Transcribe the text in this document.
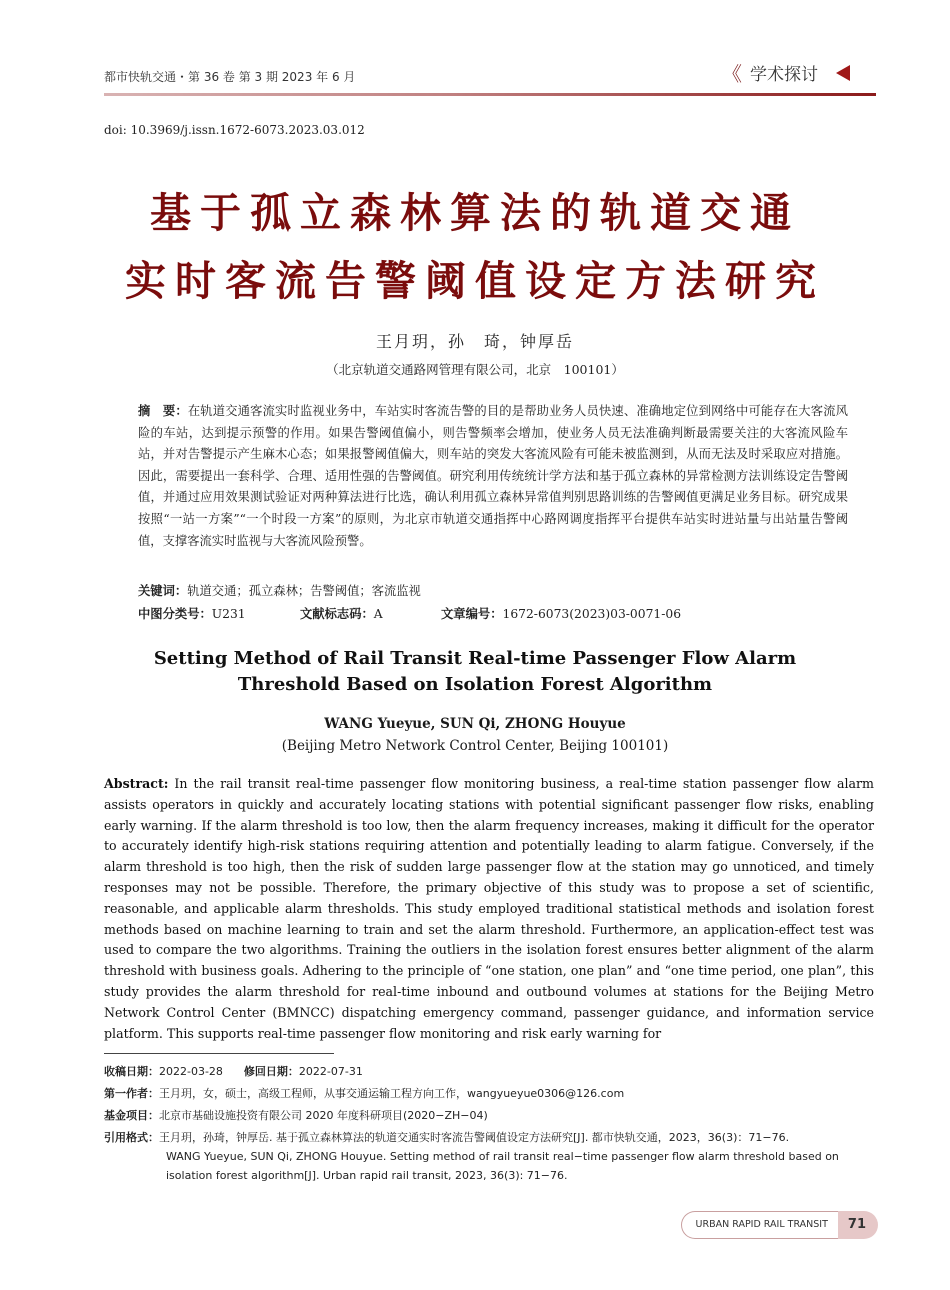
都市快轨交通・第 36 卷 第 3 期 2023 年 6 月	《 学术探讨
doi: 10.3969/j.issn.1672-6073.2023.03.012
基于孤立森林算法的轨道交通
实时客流告警阈值设定方法研究
王月玥，孙　琦，钟厚岳
（北京轨道交通路网管理有限公司，北京　100101）
摘　要：在轨道交通客流实时监视业务中，车站实时客流告警的目的是帮助业务人员快速、准确地定位到网络中可能存在大客流风险的车站，达到提示预警的作用。如果告警阈值偏小，则告警频率会增加，使业务人员无法准确判断最需要关注的大客流风险车站，并对告警提示产生麻木心态；如果报警阈值偏大，则车站的突发大客流风险有可能未被监测到，从而无法及时采取应对措施。因此，需要提出一套科学、合理、适用性强的告警阈值。研究利用传统统计学方法和基于孤立森林的异常检测方法训练设定告警阈值，并通过应用效果测试验证对两种算法进行比选，确认利用孤立森林异常值判别思路训练的告警阈值更满足业务目标。研究成果按照“一站一方案”“一个时段一方案”的原则，为北京市轨道交通指挥中心路网调度指挥平台提供车站实时进站量与出站量告警阈值，支撑客流实时监视与大客流风险预警。
关键词：轨道交通；孤立森林；告警阈值；客流监视
中图分类号：U231	文献标志码：A	文章编号：1672-6073(2023)03-0071-06
Setting Method of Rail Transit Real-time Passenger Flow Alarm
Threshold Based on Isolation Forest Algorithm
WANG Yueyue, SUN Qi, ZHONG Houyue
(Beijing Metro Network Control Center, Beijing 100101)
Abstract: In the rail transit real-time passenger flow monitoring business, a real-time station passenger flow alarm assists operators in quickly and accurately locating stations with potential significant passenger flow risks, enabling early warning. If the alarm threshold is too low, then the alarm frequency increases, making it difficult for the operator to accurately identify high-risk stations requiring attention and potentially leading to alarm fatigue. Conversely, if the alarm threshold is too high, then the risk of sudden large passenger flow at the station may go unnoticed, and timely responses may not be possible. Therefore, the primary objective of this study was to propose a set of scientific, reasonable, and applicable alarm thresholds. This study employed traditional statistical methods and isolation forest methods based on machine learning to train and set the alarm threshold. Furthermore, an application-effect test was used to compare the two algorithms. Training the outliers in the isolation forest ensures better alignment of the alarm threshold with business goals. Adhering to the principle of “one station, one plan” and “one time period, one plan”, this study provides the alarm threshold for real-time inbound and outbound volumes at stations for the Beijing Metro Network Control Center (BMNCC) dispatching emergency command, passenger guidance, and information service platform. This supports real-time passenger flow monitoring and risk early warning for
收稿日期：2022-03-28 修回日期：2022-07-31
第一作者：王月玥，女，硕士，高级工程师，从事交通运输工程方向工作，wangyueyue0306@126.com
基金项目：北京市基础设施投资有限公司 2020 年度科研项目(2020−ZH−04)
引用格式：王月玥，孙琦，钟厚岳. 基于孤立森林算法的轨道交通实时客流告警阈值设定方法研究[J]. 都市快轨交通，2023，36(3)：71−76.
WANG Yueyue, SUN Qi, ZHONG Houyue. Setting method of rail transit real−time passenger flow alarm threshold based on isolation forest algorithm[J]. Urban rapid rail transit, 2023, 36(3): 71−76.
URBAN RAPID RAIL TRANSIT	71
